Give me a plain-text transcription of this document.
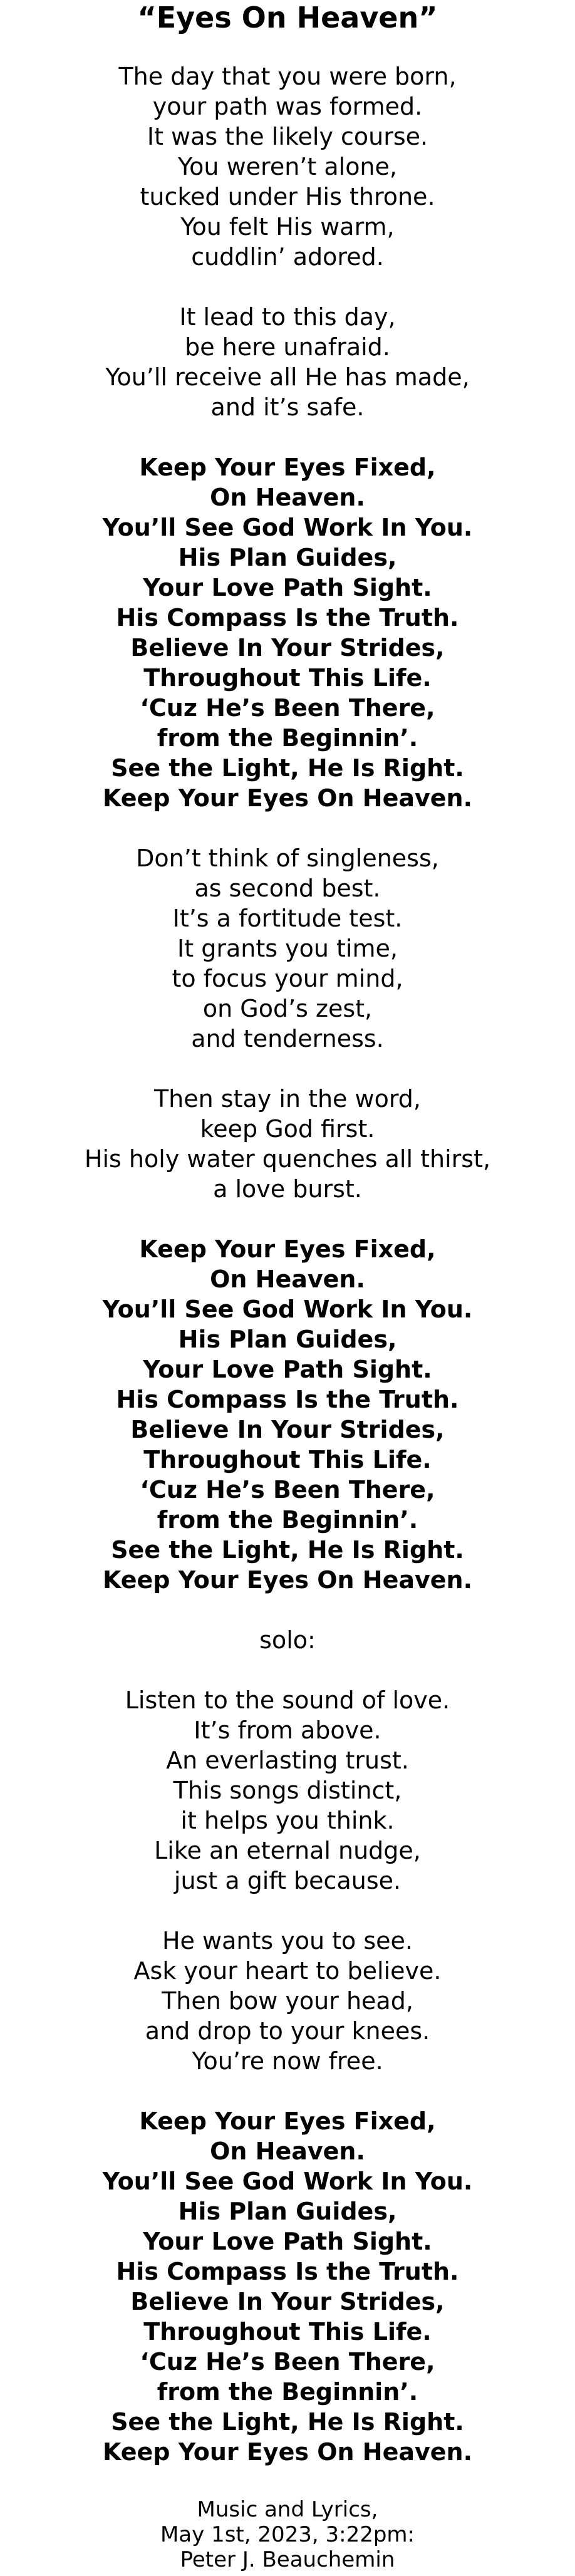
“Eyes On Heaven”
The day that you were born,
your path was formed.
It was the likely course.
You weren’t alone,
tucked under His throne.
You felt His warm,
cuddlin’ adored.
It lead to this day,
be here unafraid.
You’ll receive all He has made,
and it’s safe.
Keep Your Eyes Fixed,
On Heaven.
You’ll See God Work In You.
His Plan Guides,
Your Love Path Sight.
His Compass Is the Truth.
Believe In Your Strides,
Throughout This Life.
‘Cuz He’s Been There,
from the Beginnin’.
See the Light, He Is Right.
Keep Your Eyes On Heaven.
Don’t think of singleness,
as second best.
It’s a fortitude test.
It grants you time,
to focus your mind,
on God’s zest,
and tenderness.
Then stay in the word,
keep God first.
His holy water quenches all thirst,
a love burst.
Keep Your Eyes Fixed,
On Heaven.
You’ll See God Work In You.
His Plan Guides,
Your Love Path Sight.
His Compass Is the Truth.
Believe In Your Strides,
Throughout This Life.
‘Cuz He’s Been There,
from the Beginnin’.
See the Light, He Is Right.
Keep Your Eyes On Heaven.
solo:
Listen to the sound of love.
It’s from above.
An everlasting trust.
This songs distinct,
it helps you think.
Like an eternal nudge,
just a gift because.
He wants you to see.
Ask your heart to believe.
Then bow your head,
and drop to your knees.
You’re now free.
Keep Your Eyes Fixed,
On Heaven.
You’ll See God Work In You.
His Plan Guides,
Your Love Path Sight.
His Compass Is the Truth.
Believe In Your Strides,
Throughout This Life.
‘Cuz He’s Been There,
from the Beginnin’.
See the Light, He Is Right.
Keep Your Eyes On Heaven.
Music and Lyrics,
May 1st, 2023, 3:22pm:
Peter J. Beauchemin
